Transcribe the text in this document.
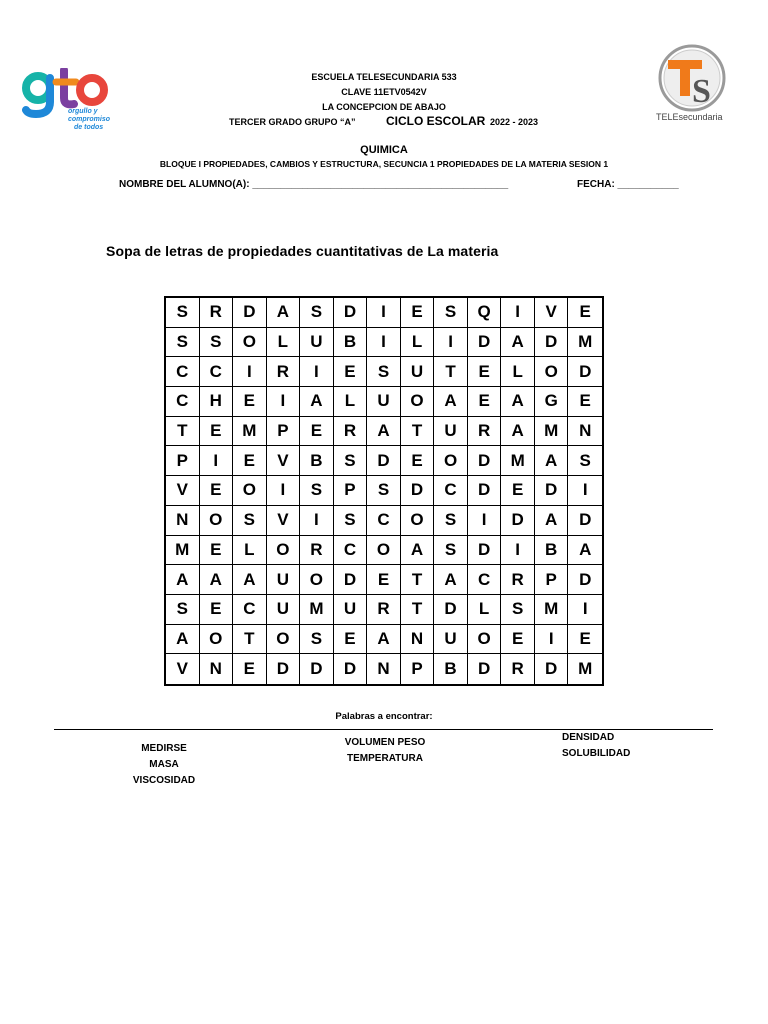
orgullo y
compromiso
de todos
S
TELEsecundaria
ESCUELA TELESECUNDARIA 533
CLAVE 11ETV0542V
LA CONCEPCION DE ABAJO
TERCER GRADO GRUPO “A”	CICLO ESCOLAR 2022 - 2023
QUIMICA
BLOQUE I PROPIEDADES, CAMBIOS Y ESTRUCTURA, SECUNCIA 1 PROPIEDADES DE LA MATERIA SESION 1
NOMBRE DEL ALUMNO(A): ______________________________________________	FECHA: ___________
Sopa de letras de propiedades cuantitativas de La materia
S	R	D	A	S	D	I	E	S	Q	I	V	E
S	S	O	L	U	B	I	L	I	D	A	D	M
C	C	I	R	I	E	S	U	T	E	L	O	D
C	H	E	I	A	L	U	O	A	E	A	G	E
T	E	M	P	E	R	A	T	U	R	A	M	N
P	I	E	V	B	S	D	E	O	D	M	A	S
V	E	O	I	S	P	S	D	C	D	E	D	I
N	O	S	V	I	S	C	O	S	I	D	A	D
M	E	L	O	R	C	O	A	S	D	I	B	A
A	A	A	U	O	D	E	T	A	C	R	P	D
S	E	C	U	M	U	R	T	D	L	S	M	I
A	O	T	O	S	E	A	N	U	O	E	I	E
V	N	E	D	D	D	N	P	B	D	R	D	M
Palabras a encontrar:
MEDIRSE
MASA
VISCOSIDAD
VOLUMEN PESO
TEMPERATURA
DENSIDAD
SOLUBILIDAD
